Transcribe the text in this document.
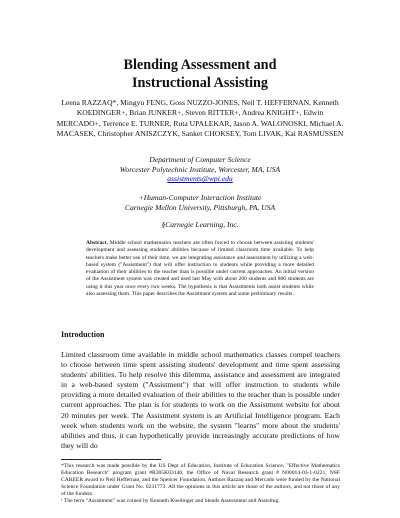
Blending Assessment and
Instructional Assisting
Leena RAZZAQ*, Mingyu FENG, Goss NUZZO-JONES, Neil T. HEFFERNAN, Kenneth KOEDINGER+, Brian JUNKER+, Steven RITTER+, Andrea KNIGHT+, Edwin MERCADO+, Terrence E. TURNER, Ruta UPALEKAR, Jason A. WALONOSKI, Michael A. MACASEK, Christopher ANISZCZYK, Sanket CHOKSEY, Tom LIVAK, Kai RASMUSSEN
Department of Computer Science
Worcester Polytechnic Institute, Worcester, MA, USA
assistments@wpi.edu
+Human-Computer Interaction Institute
Carnegie Mellon University, Pittsburgh, PA, USA
§Carnegie Learning, Inc.
Abstract. Middle school mathematics teachers are often forced to choose between assisting students' development and assessing students' abilities because of limited classroom time available. To help teachers make better use of their time, we are integrating assistance and assessment by utilizing a web-based system ("Assistment") that will offer instruction to students while providing a more detailed evaluation of their abilities to the teacher than is possible under current approaches. An initial version of the Assistment system was created and used last May with about 200 students and 800 students are using it this year once every two weeks. The hypothesis is that Assistments both assist students while also assessing them. This paper describes the Assistment system and some preliminary results.
Introduction
Limited classroom time available in middle school mathematics classes compel teachers to choose between time spent assisting students' development and time spent assessing students' abilities. To help resolve this dilemma, assistance and assessment are integrated in a web-based system ("Assistment") that will offer instruction to students while providing a more detailed evaluation of their abilities to the teacher than is possible under current approaches. The plan is for students to work on the Assistment website for about 20 minutes per week. The Assistment system is an Artificial Intelligence program. Each week when students work on the website, the system "learns" more about the students' abilities and thus, it can hypothetically provide increasingly accurate predictions of how they will do
*This research was made possible by the US Dept of Education, Institute of Education Science, "Effective Mathematics Education Research" program grant #R305K03140, the Office of Naval Research grant # N00014-03-1-0221, NSF CAREER award to Neil Heffernan, and the Spencer Foundation. Authors Razzaq and Mercado were funded by the National Science Foundation under Grant No. 0231773. All the opinions in this article are those of the authors, and not those of any of the funders.
¹ The term "Assistment" was coined by Kenneth Koedinger and blends Assessment and Assisting.
